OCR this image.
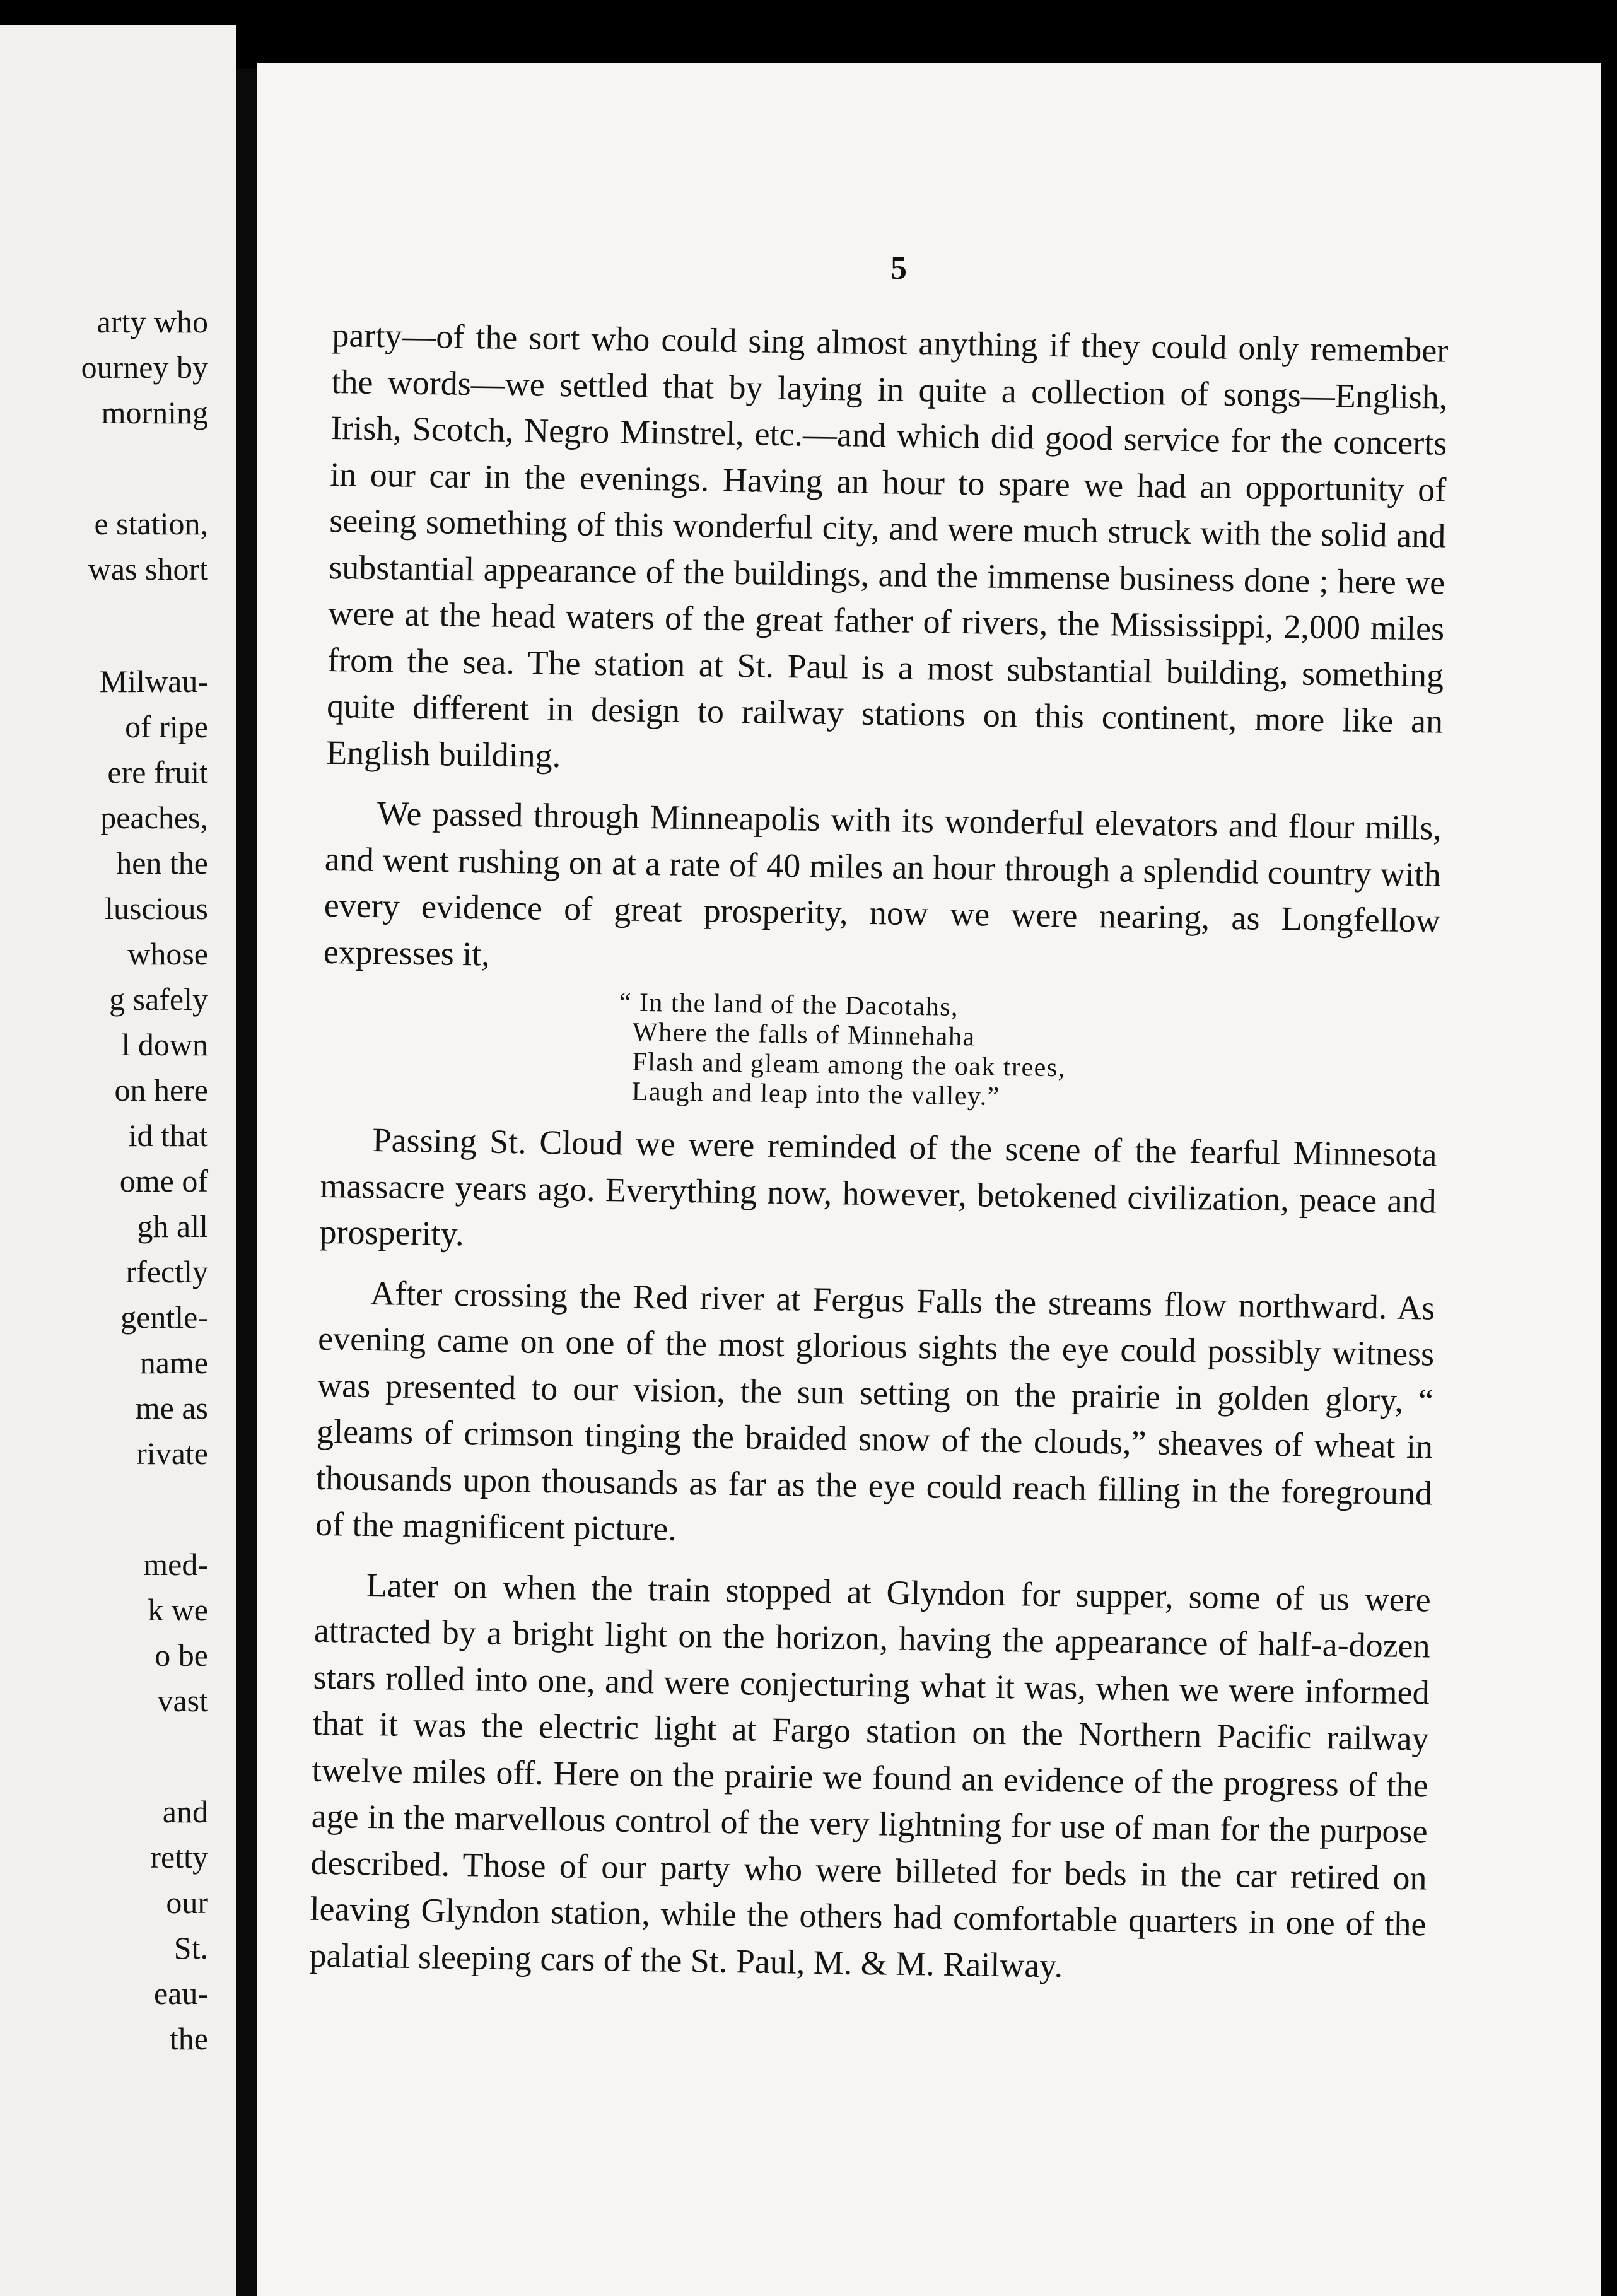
arty who
ourney by
morning
e station,
was short
Milwau-
of ripe
ere fruit
peaches,
hen the
luscious
whose
g safely
l down
on here
id that
ome of
gh all
rfectly
gentle-
name
me as
rivate
med-
k we
o be
vast
and
retty
our
St.
eau-
the
5

party—of the sort who could sing almost anything if they could only remember the words—we settled that by laying in quite a collection of songs—English, Irish, Scotch, Negro Minstrel, etc.—and which did good service for the concerts in our car in the evenings. Having an hour to spare we had an opportunity of seeing something of this wonderful city, and were much struck with the solid and substantial appearance of the buildings, and the immense business done ; here we were at the head waters of the great father of rivers, the Mississippi, 2,000 miles from the sea. The station at St. Paul is a most substantial building, something quite different in design to railway stations on this continent, more like an English building.

We passed through Minneapolis with its wonderful elevators and flour mills, and went rushing on at a rate of 40 miles an hour through a splendid country with every evidence of great prosperity, now we were nearing, as Longfellow expresses it,

“ In the land of the Dacotahs,
Where the falls of Minnehaha
Flash and gleam among the oak trees,
Laugh and leap into the valley.”

Passing St. Cloud we were reminded of the scene of the fearful Minnesota massacre years ago. Everything now, however, betokened civilization, peace and prosperity.

After crossing the Red river at Fergus Falls the streams flow northward. As evening came on one of the most glorious sights the eye could possibly witness was presented to our vision, the sun setting on the prairie in golden glory, “ gleams of crimson tinging the braided snow of the clouds,” sheaves of wheat in thousands upon thousands as far as the eye could reach filling in the foreground of the magnificent picture.

Later on when the train stopped at Glyndon for supper, some of us were attracted by a bright light on the horizon, having the appearance of half-a-dozen stars rolled into one, and were conjecturing what it was, when we were informed that it was the electric light at Fargo station on the Northern Pacific railway twelve miles off. Here on the prairie we found an evidence of the progress of the age in the marvellous control of the very lightning for use of man for the purpose described. Those of our party who were billeted for beds in the car retired on leaving Glyndon station, while the others had comfortable quarters in one of the palatial sleeping cars of the St. Paul, M. & M. Railway.
